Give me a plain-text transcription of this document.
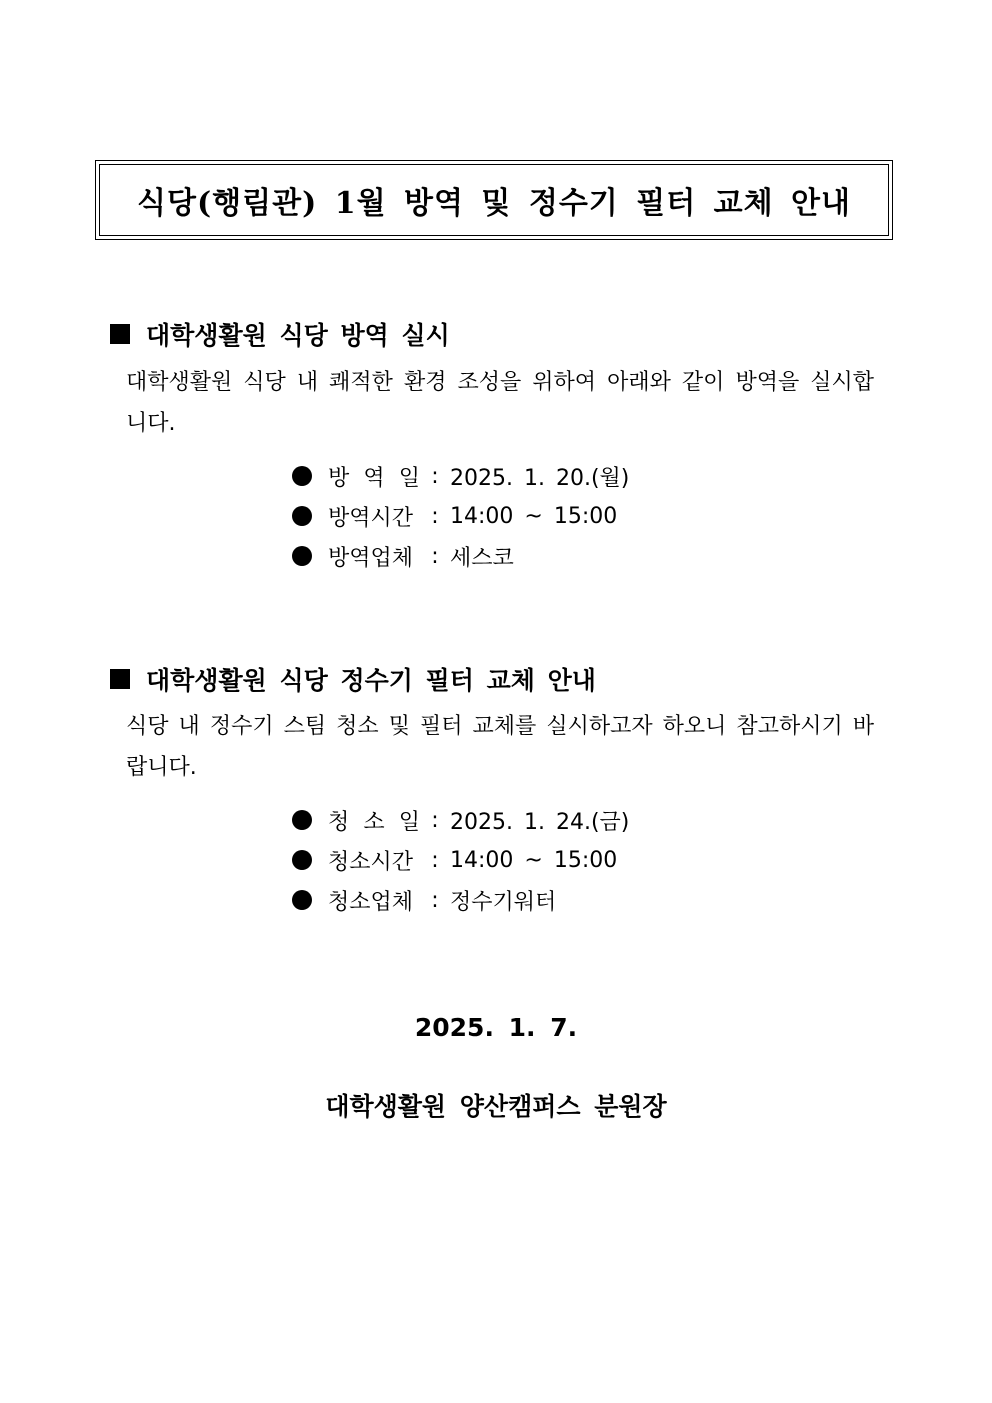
식당(행림관) 1월 방역 및 정수기 필터 교체 안내
대학생활원 식당 방역 실시

대학생활원 식당 내 쾌적한 환경 조성을 위하여 아래와 같이 방역을 실시합니다.

방 역 일 : 2025. 1. 20.(월)
방역시간 : 14:00 ~ 15:00
방역업체 : 세스코
대학생활원 식당 정수기 필터 교체 안내

식당 내 정수기 스팀 청소 및 필터 교체를 실시하고자 하오니 참고하시기 바랍니다.

청 소 일 : 2025. 1. 24.(금)
청소시간 : 14:00 ~ 15:00
청소업체 : 정수기워터
2025. 1. 7.
대학생활원 양산캠퍼스 분원장
